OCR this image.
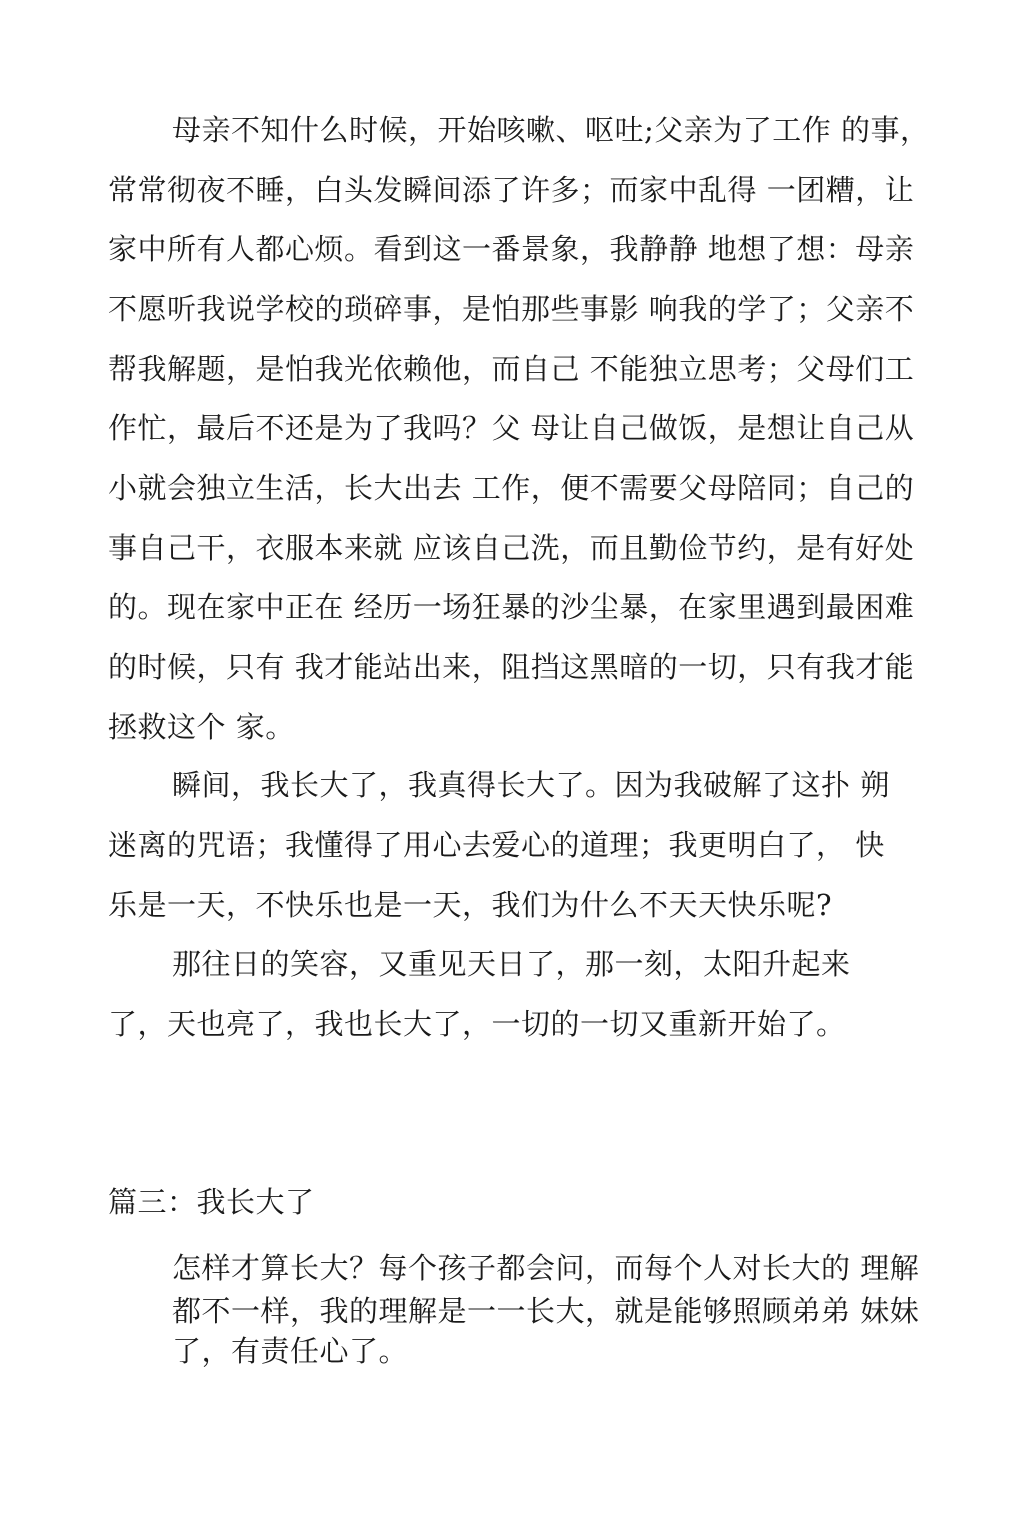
母亲不知什么时候，开始咳嗽、呕吐;父亲为了工作 的事，
常常彻夜不睡，白头发瞬间添了许多；而家中乱得 一团糟，让
家中所有人都心烦。看到这一番景象，我静静 地想了想：母亲
不愿听我说学校的琐碎事，是怕那些事影 响我的学了；父亲不
帮我解题，是怕我光依赖他，而自己 不能独立思考；父母们工
作忙，最后不还是为了我吗？父 母让自己做饭，是想让自己从
小就会独立生活，长大出去 工作，便不需要父母陪同；自己的
事自己干，衣服本来就 应该自己洗，而且勤俭节约，是有好处
的。现在家中正在 经历一场狂暴的沙尘暴，在家里遇到最困难
的时候，只有 我才能站出来，阻挡这黑暗的一切，只有我才能
拯救这个 家。
瞬间，我长大了，我真得长大了。因为我破解了这扑 朔
迷离的咒语；我懂得了用心去爱心的道理；我更明白了， 快
乐是一天，不快乐也是一天，我们为什么不天天快乐呢?
那往日的笑容，又重见天日了，那一刻，太阳升起来
了，天也亮了，我也长大了，一切的一切又重新开始了。
篇三：我长大了
怎样才算长大？每个孩子都会问，而每个人对长大的 理解
都不一样，我的理解是一一长大，就是能够照顾弟弟 妹妹
了，有责任心了。
